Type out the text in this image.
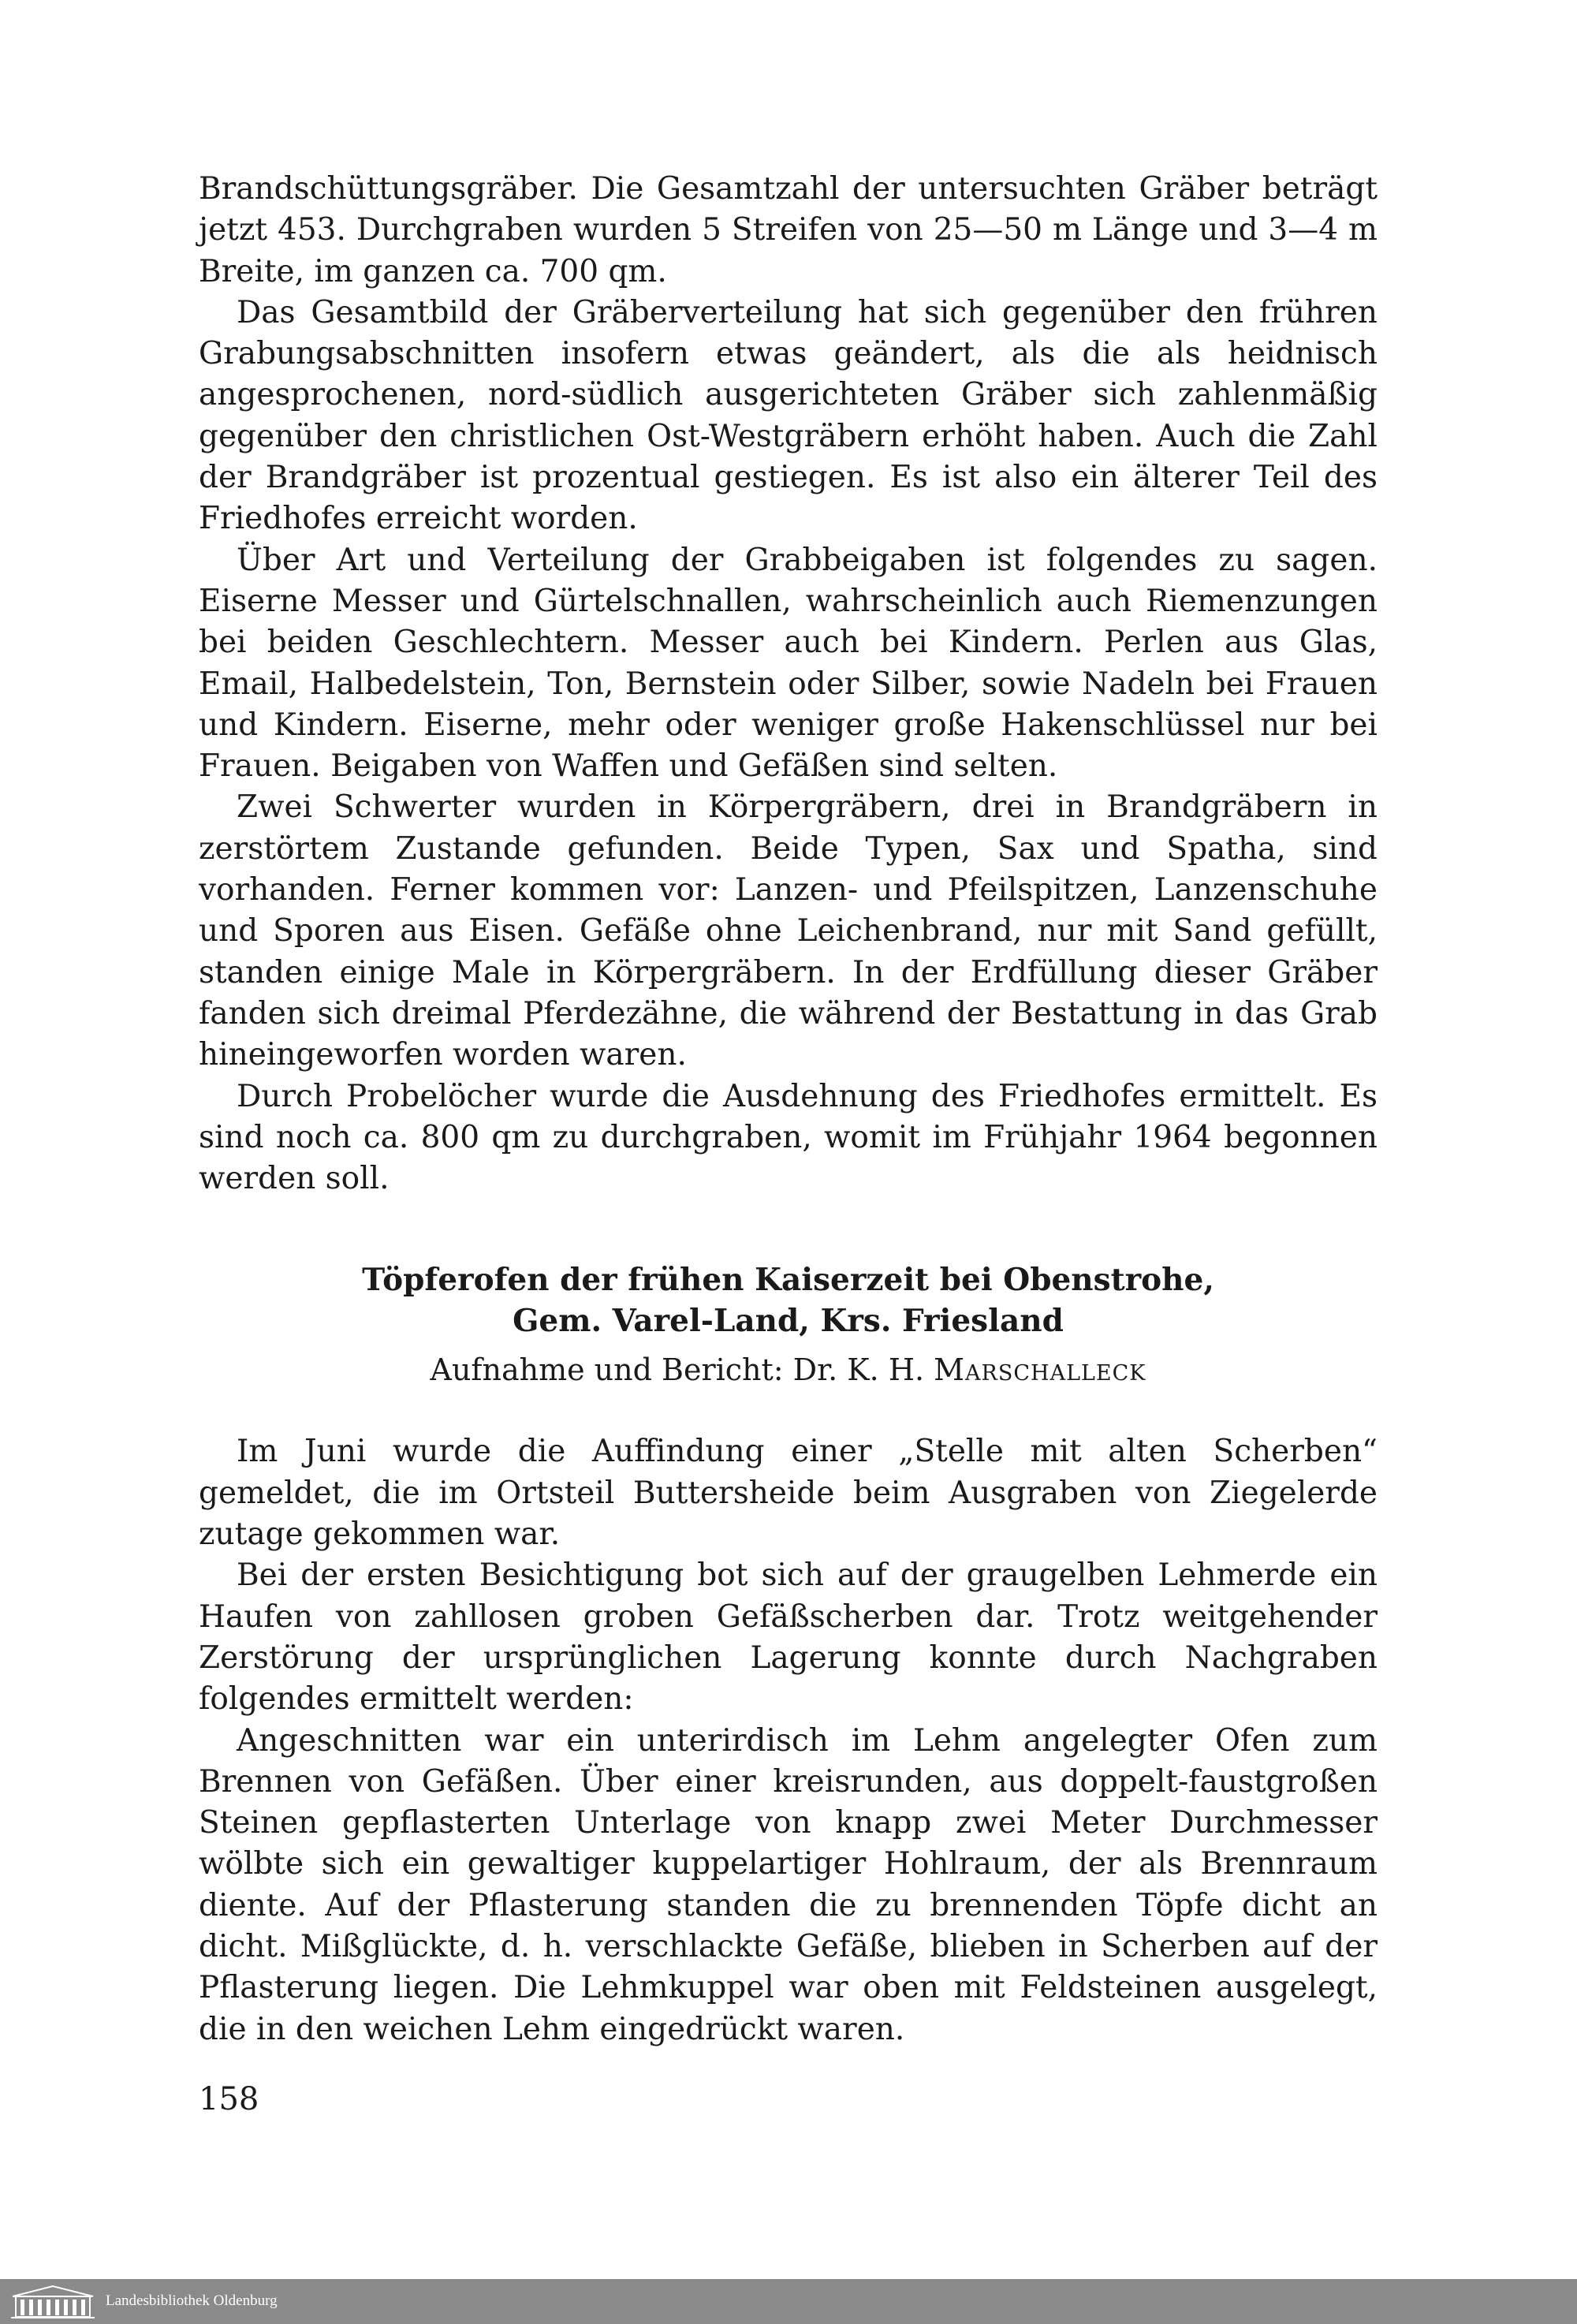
Brandschüttungsgräber. Die Gesamtzahl der untersuchten Gräber beträgt jetzt 453. Durchgraben wurden 5 Streifen von 25—50 m Länge und 3—4 m Breite, im ganzen ca. 700 qm.

Das Gesamtbild der Gräberverteilung hat sich gegenüber den frühren Grabungsabschnitten insofern etwas geändert, als die als heidnisch angesprochenen, nord-südlich ausgerichteten Gräber sich zahlenmäßig gegenüber den christlichen Ost-Westgräbern erhöht haben. Auch die Zahl der Brandgräber ist prozentual gestiegen. Es ist also ein älterer Teil des Friedhofes erreicht worden.

Über Art und Verteilung der Grabbeigaben ist folgendes zu sagen. Eiserne Messer und Gürtelschnallen, wahrscheinlich auch Riemenzungen bei beiden Geschlechtern. Messer auch bei Kindern. Perlen aus Glas, Email, Halbedelstein, Ton, Bernstein oder Silber, sowie Nadeln bei Frauen und Kindern. Eiserne, mehr oder weniger große Hakenschlüssel nur bei Frauen. Beigaben von Waffen und Gefäßen sind selten.

Zwei Schwerter wurden in Körpergräbern, drei in Brandgräbern in zerstörtem Zustande gefunden. Beide Typen, Sax und Spatha, sind vorhanden. Ferner kommen vor: Lanzen- und Pfeilspitzen, Lanzenschuhe und Sporen aus Eisen. Gefäße ohne Leichenbrand, nur mit Sand gefüllt, standen einige Male in Körpergräbern. In der Erdfüllung dieser Gräber fanden sich dreimal Pferdezähne, die während der Bestattung in das Grab hineingeworfen worden waren.

Durch Probelöcher wurde die Ausdehnung des Friedhofes ermittelt. Es sind noch ca. 800 qm zu durchgraben, womit im Frühjahr 1964 begonnen werden soll.

Töpferofen der frühen Kaiserzeit bei Obenstrohe,
Gem. Varel-Land, Krs. Friesland
Aufnahme und Bericht: Dr. K. H. Marschalleck

Im Juni wurde die Auffindung einer „Stelle mit alten Scherben“ gemeldet, die im Ortsteil Buttersheide beim Ausgraben von Ziegelerde zutage gekommen war.

Bei der ersten Besichtigung bot sich auf der graugelben Lehmerde ein Haufen von zahllosen groben Gefäßscherben dar. Trotz weitgehender Zerstörung der ursprünglichen Lagerung konnte durch Nachgraben folgendes ermittelt werden:

Angeschnitten war ein unterirdisch im Lehm angelegter Ofen zum Brennen von Gefäßen. Über einer kreisrunden, aus doppelt-faustgroßen Steinen gepflasterten Unterlage von knapp zwei Meter Durchmesser wölbte sich ein gewaltiger kuppelartiger Hohlraum, der als Brennraum diente. Auf der Pflasterung standen die zu brennenden Töpfe dicht an dicht. Mißglückte, d. h. verschlackte Gefäße, blieben in Scherben auf der Pflasterung liegen. Die Lehmkuppel war oben mit Feldsteinen ausgelegt, die in den weichen Lehm eingedrückt waren.

158
Landesbibliothek Oldenburg
